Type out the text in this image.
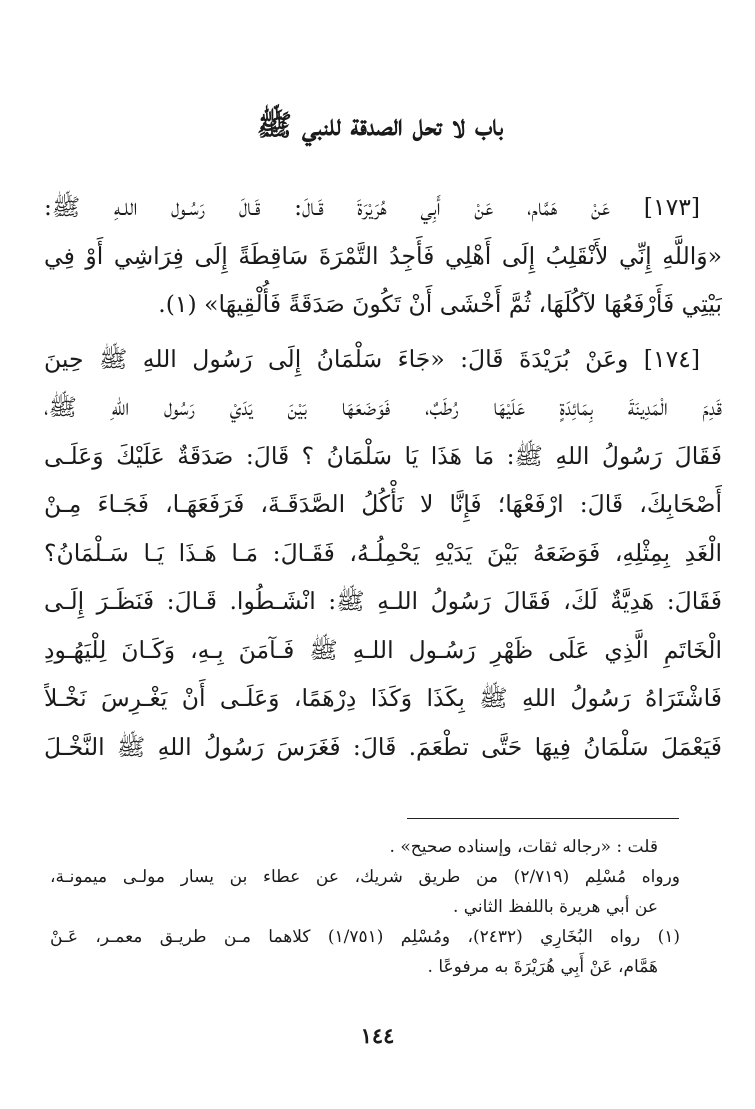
باب لا تحل الصدقة للنبي ﷺ
[١٧٣] عَنْ هَمَّام، عَنْ أَبِي هُرَيْرَةَ قَـالَ: قَـالَ رَسُـول اللـهِ ﷺ:
«وَاللَّهِ إِنِّي لأَنْقَلِبُ إِلَى أَهْلِي فَأَجِدُ التَّمْرَةَ سَاقِطَةً إِلَى فِرَاشِي أَوْ فِي
بَيْتِي فَأَرْفَعُهَا لآكُلَهَا، ثُمَّ أَخْشَى أَنْ تَكُونَ صَدَقَةً فَأُلْقِيهَا» (١).
[١٧٤] وعَنْ بُرَيْدَةَ قَالَ: «جَاءَ سَلْمَانُ إِلَى رَسُول اللهِ ﷺ حِينَ
قَدِمَ الْمَدِينَةَ بِمَائِدَةٍ عَلَيْهَا رُطَبٌ، فَوَضَعَهَا بَيْنَ يَدَيْ رَسُول اللهِ ﷺ،
فَقَالَ رَسُولُ اللهِ ﷺ: مَا هَذَا يَا سَلْمَانُ ؟ قَالَ: صَدَقَةٌ عَلَيْكَ وَعَلَـى
أَصْحَابِكَ، قَالَ: ارْفَعْهَا؛ فَإِنَّا لا نَأْكُلُ الصَّدَقَـةَ، فَرَفَعَهَـا، فَجَـاءَ مِـنْ
الْغَدِ بِمِثْلِهِ، فَوَضَعَهُ بَيْنَ يَدَيْهِ يَحْمِلُـهُ، فَقَـالَ: مَـا هَـذَا يَـا سَـلْمَانُ؟
فَقَالَ: هَدِيَّةٌ لَكَ، فَقَالَ رَسُولُ اللـهِ ﷺ: انْشَـطُوا. قَـالَ: فَنَظَـرَ إِلَـى
الْخَاتَمِ الَّذِي عَلَى ظَهْرِ رَسُـول اللـهِ ﷺ فَـآمَنَ بِـهِ، وَكَـانَ لِلْيَهُـودِ
فَاشْتَرَاهُ رَسُولُ اللهِ ﷺ بِكَذَا وَكَذَا دِرْهَمًا، وَعَلَـى أَنْ يَغْـرِسَ نَخْـلاً
فَيَعْمَلَ سَلْمَانُ فِيهَا حَتَّى تطْعَمَ. قَالَ: فَغَرَسَ رَسُولُ اللهِ ﷺ النَّخْـلَ
قلت : «رجاله ثقات، وإسناده صحيح» .
ورواه مُسْلِم (٢/٧١٩) من طريق شريك، عن عطاء بن يسار مولـى ميمونـة،
عن أبي هريرة باللفظ الثاني .
(١) رواه البُخَارِي (٢٤٣٢)، ومُسْلِم (١/٧٥١) كلاهما مـن طريـق معمـر، عَـنْ
هَمَّام، عَنْ أَبِي هُرَيْرَةَ به مرفوعًا .
١٤٤
